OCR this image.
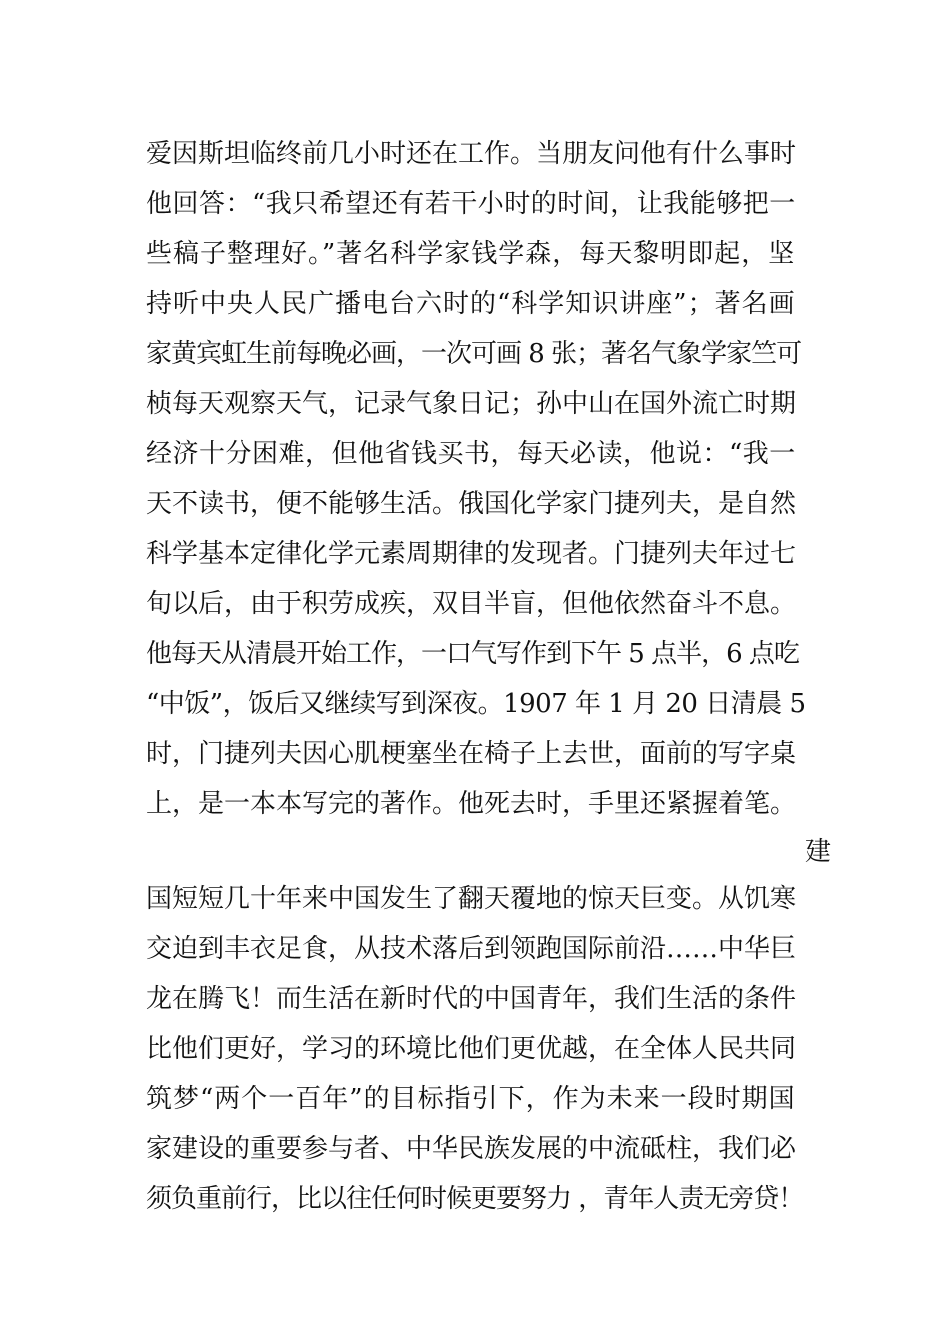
爱因斯坦临终前几小时还在工作。当朋友问他有什么事时
他回答：“我只希望还有若干小时的时间，让我能够把一
些稿子整理好。”著名科学家钱学森，每天黎明即起，坚
持听中央人民广播电台六时的“科学知识讲座”；著名画
家黄宾虹生前每晚必画，一次可画 8 张；著名气象学家竺可
桢每天观察天气，记录气象日记；孙中山在国外流亡时期
经济十分困难，但他省钱买书，每天必读，他说：“我一
天不读书，便不能够生活。俄国化学家门捷列夫，是自然
科学基本定律化学元素周期律的发现者。门捷列夫年过七
旬以后，由于积劳成疾，双目半盲，但他依然奋斗不息。
他每天从清晨开始工作，一口气写作到下午 5 点半，6 点吃
“中饭”，饭后又继续写到深夜。1907 年 1 月 20 日清晨 5
时，门捷列夫因心肌梗塞坐在椅子上去世，面前的写字桌
上，是一本本写完的著作。他死去时，手里还紧握着笔。
建
国短短几十年来中国发生了翻天覆地的惊天巨变。从饥寒
交迫到丰衣足食，从技术落后到领跑国际前沿……中华巨
龙在腾飞！而生活在新时代的中国青年，我们生活的条件
比他们更好，学习的环境比他们更优越，在全体人民共同
筑梦“两个一百年”的目标指引下，作为未来一段时期国
家建设的重要参与者、中华民族发展的中流砥柱，我们必
须负重前行，比以往任何时候更要努力 ，青年人责无旁贷！
